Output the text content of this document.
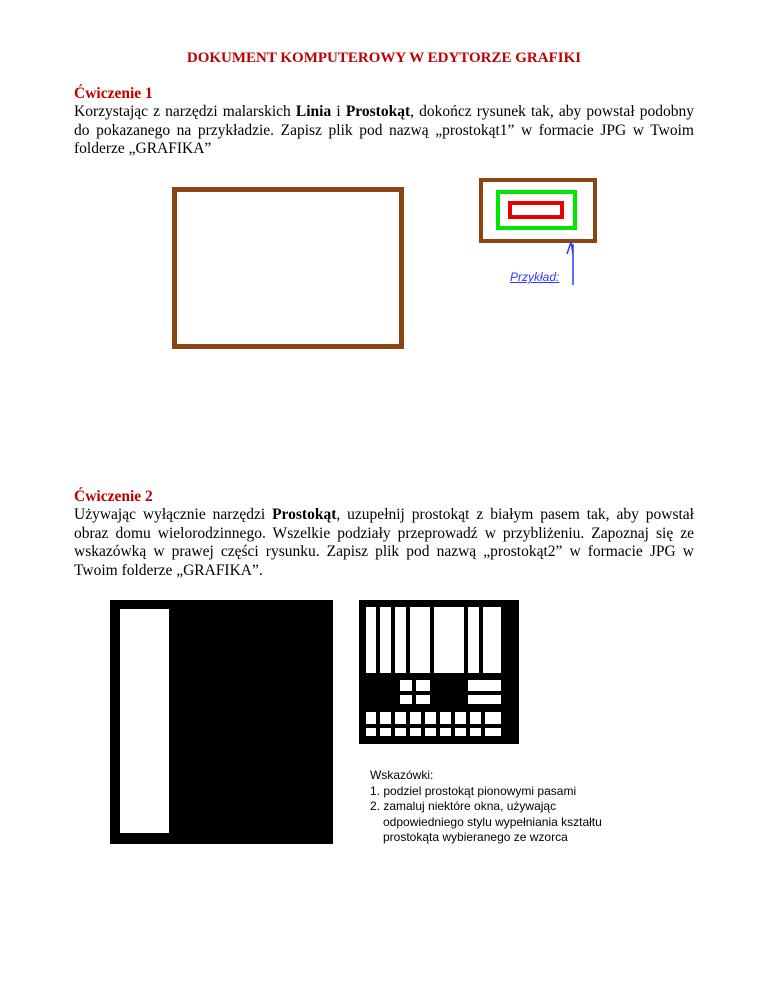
DOKUMENT KOMPUTEROWY W EDYTORZE GRAFIKI
Ćwiczenie 1
Korzystając z narzędzi malarskich Linia i Prostokąt, dokończ rysunek tak, aby powstał podobny do pokazanego na przykładzie. Zapisz plik pod nazwą „prostokąt1” w formacie JPG w Twoim folderze „GRAFIKA”
Przykład:
Ćwiczenie 2
Używając wyłącznie narzędzi Prostokąt, uzupełnij prostokąt z białym pasem tak, aby powstał obraz domu wielorodzinnego. Wszelkie podziały przeprowadź w przybliżeniu. Zapoznaj się ze wskazówką w prawej części rysunku. Zapisz plik pod nazwą „prostokąt2” w formacie JPG w Twoim folderze „GRAFIKA”.
Wskazówki:
1. podziel prostokąt pionowymi pasami
2. zamaluj niektóre okna, używając
odpowiedniego stylu wypełniania kształtu
prostokąta wybieranego ze wzorca
